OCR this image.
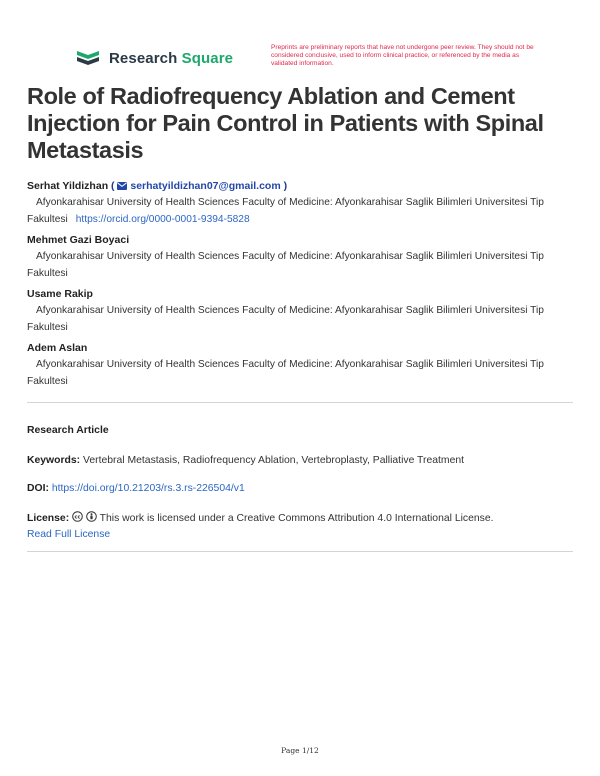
Research Square
Preprints are preliminary reports that have not undergone peer review. They should not be considered conclusive, used to inform clinical practice, or referenced by the media as validated information.
Role of Radiofrequency Ablation and Cement Injection for Pain Control in Patients with Spinal Metastasis
Serhat Yildizhan (  serhatyildizhan07@gmail.com )
Afyonkarahisar University of Health Sciences Faculty of Medicine: Afyonkarahisar Saglik Bilimleri Universitesi Tip Fakultesi https://orcid.org/0000-0001-9394-5828
Mehmet Gazi Boyaci
Afyonkarahisar University of Health Sciences Faculty of Medicine: Afyonkarahisar Saglik Bilimleri Universitesi Tip Fakultesi
Usame Rakip
Afyonkarahisar University of Health Sciences Faculty of Medicine: Afyonkarahisar Saglik Bilimleri Universitesi Tip Fakultesi
Adem Aslan
Afyonkarahisar University of Health Sciences Faculty of Medicine: Afyonkarahisar Saglik Bilimleri Universitesi Tip Fakultesi
Research Article
Keywords: Vertebral Metastasis, Radiofrequency Ablation, Vertebroplasty, Palliative Treatment
DOI: https://doi.org/10.21203/rs.3.rs-226504/v1
License: cc This work is licensed under a Creative Commons Attribution 4.0 International License.
Read Full License
Page 1/12
